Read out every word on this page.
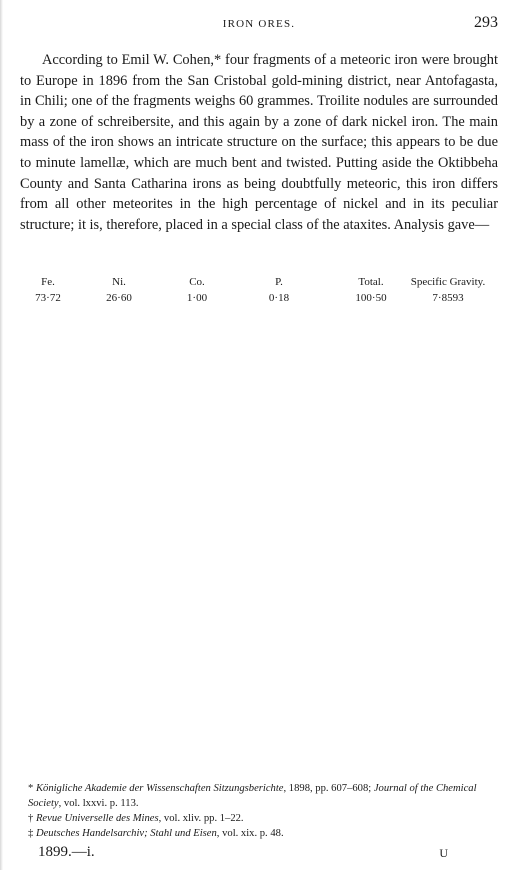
IRON ORES.	293

According to Emil W. Cohen,* four fragments of a meteoric iron were brought to Europe in 1896 from the San Cristobal gold-mining district, near Antofagasta, in Chili; one of the fragments weighs 60 grammes. Troilite nodules are surrounded by a zone of schreibersite, and this again by a zone of dark nickel iron. The main mass of the iron shows an intricate structure on the surface; this appears to be due to minute lamellæ, which are much bent and twisted. Putting aside the Oktibbeha County and Santa Catharina irons as being doubtfully meteoric, this iron differs from all other meteorites in the high percentage of nickel and in its peculiar structure; it is, therefore, placed in a special class of the ataxites. Analysis gave—

Fe.	Ni.	Co.	P.	Total.	Specific Gravity.
73·72	26·60	1·00	0·18	100·50	7·8593

* Königliche Akademie der Wissenschaften Sitzungsberichte, 1898, pp. 607–608; Journal of the Chemical Society, vol. lxxvi. p. 113.

† Revue Universelle des Mines, vol. xliv. pp. 1–22.

‡ Deutsches Handelsarchiv; Stahl und Eisen, vol. xix. p. 48.

1899.—i.	U
